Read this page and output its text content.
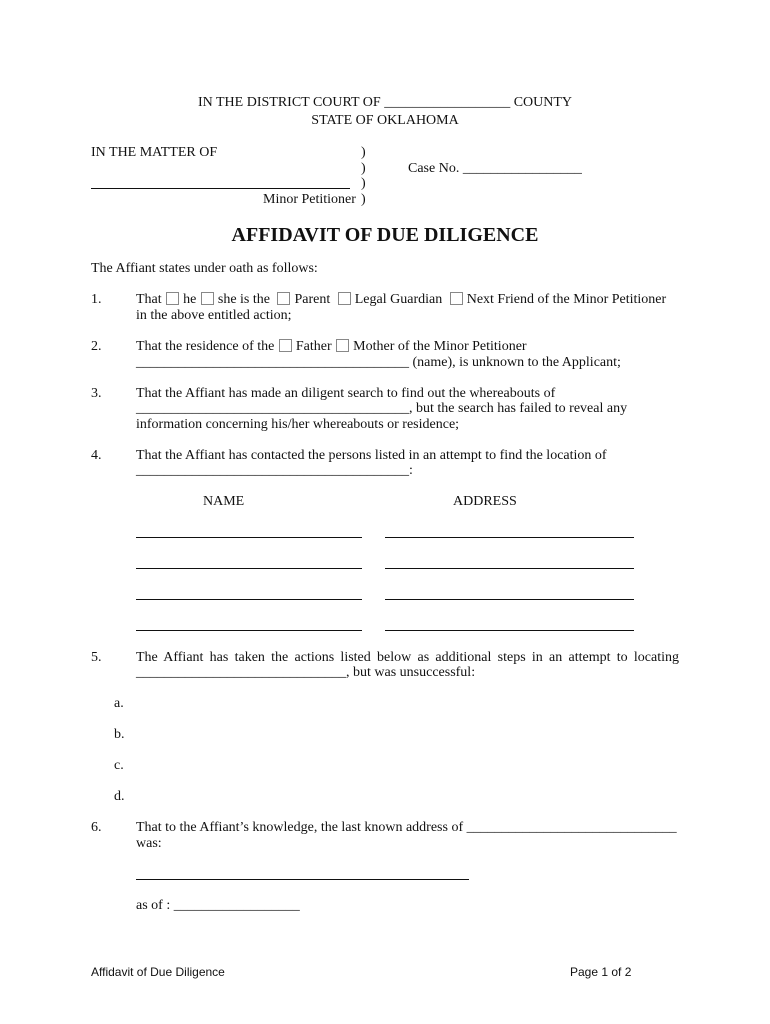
IN THE DISTRICT COURT OF __________________ COUNTY
STATE OF OKLAHOMA
IN THE MATTER OF	)
)
)
)
Case No. _________________
Minor Petitioner
AFFIDAVIT OF DUE DILIGENCE
The Affiant states under oath as follows:
1. That he she is the Parent Legal Guardian Next Friend of the Minor Petitioner
in the above entitled action;
2. That the residence of the Father Mother of the Minor Petitioner
_______________________________________ (name), is unknown to the Applicant;
3. That the Affiant has made an diligent search to find out the whereabouts of
_______________________________________, but the search has failed to reveal any
information concerning his/her whereabouts or residence;
4. That the Affiant has contacted the persons listed in an attempt to find the location of
_______________________________________:
NAME	ADDRESS
5. The Affiant has taken the actions listed below as additional steps in an attempt to locating
______________________________, but was unsuccessful:
a.
b.
c.
d.
6. That to the Affiant’s knowledge, the last known address of ______________________________
was:
as of : __________________
Affidavit of Due Diligence	Page 1 of 2
